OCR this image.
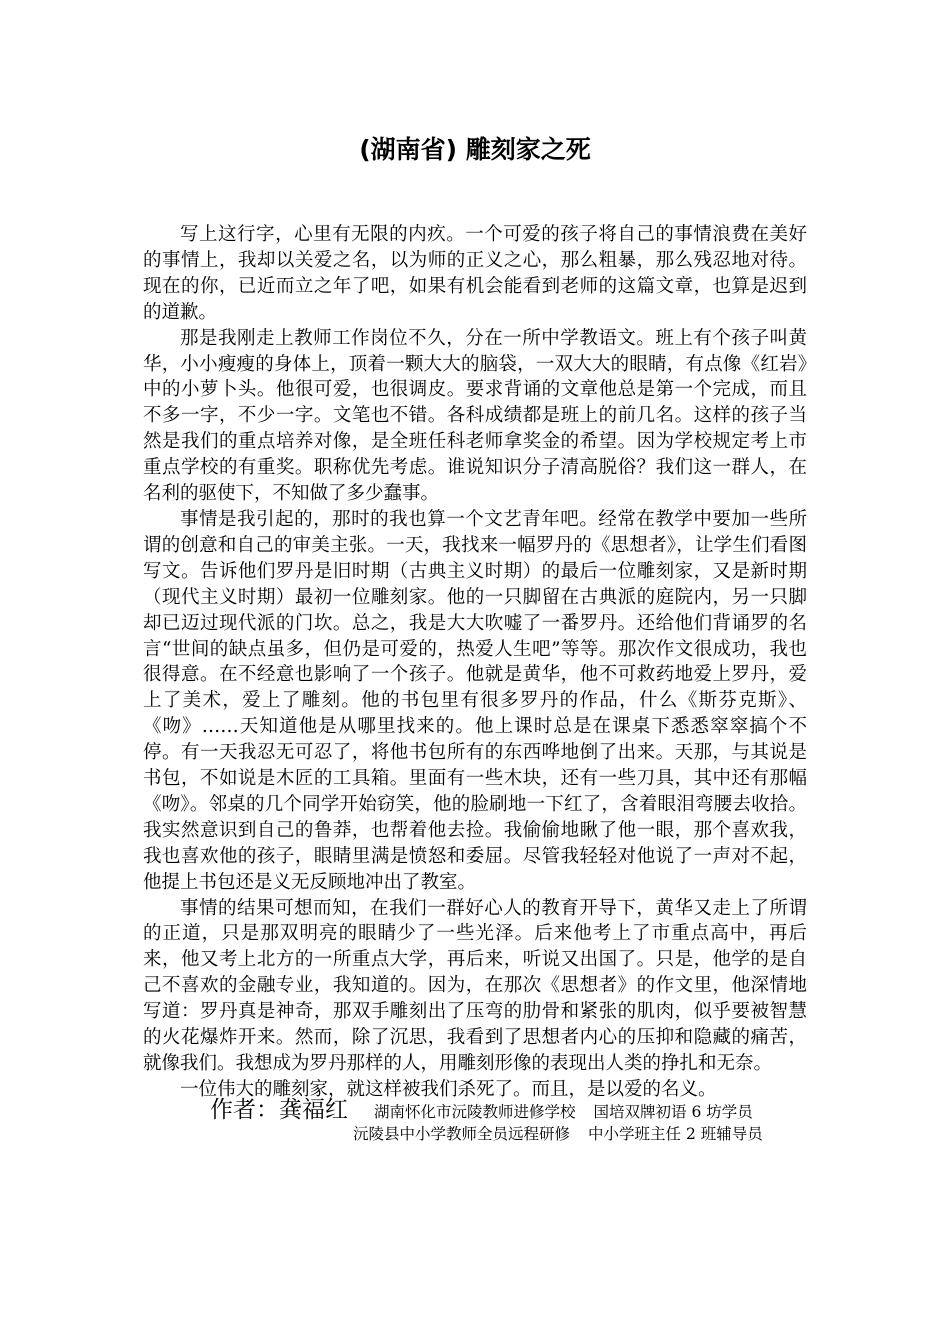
(湖南省) 雕刻家之死

写上这行字，心里有无限的内疚。一个可爱的孩子将自己的事情浪费在美好的事情上，我却以关爱之名，以为师的正义之心，那么粗暴，那么残忍地对待。现在的你，已近而立之年了吧，如果有机会能看到老师的这篇文章，也算是迟到的道歉。

那是我刚走上教师工作岗位不久，分在一所中学教语文。班上有个孩子叫黄华，小小瘦瘦的身体上，顶着一颗大大的脑袋，一双大大的眼睛，有点像《红岩》中的小萝卜头。他很可爱，也很调皮。要求背诵的文章他总是第一个完成，而且不多一字，不少一字。文笔也不错。各科成绩都是班上的前几名。这样的孩子当然是我们的重点培养对像，是全班任科老师拿奖金的希望。因为学校规定考上市重点学校的有重奖。职称优先考虑。谁说知识分子清高脱俗？我们这一群人，在名利的驱使下，不知做了多少蠢事。

事情是我引起的，那时的我也算一个文艺青年吧。经常在教学中要加一些所谓的创意和自己的审美主张。一天，我找来一幅罗丹的《思想者》，让学生们看图写文。告诉他们罗丹是旧时期（古典主义时期）的最后一位雕刻家，又是新时期（现代主义时期）最初一位雕刻家。他的一只脚留在古典派的庭院内，另一只脚却已迈过现代派的门坎。总之，我是大大吹嘘了一番罗丹。还给他们背诵罗的名言“世间的缺点虽多，但仍是可爱的，热爱人生吧”等等。那次作文很成功，我也很得意。在不经意也影响了一个孩子。他就是黄华，他不可救药地爱上罗丹，爱上了美术，爱上了雕刻。他的书包里有很多罗丹的作品，什么《斯芬克斯》、《吻》……天知道他是从哪里找来的。他上课时总是在课桌下悉悉窣窣搞个不停。有一天我忍无可忍了，将他书包所有的东西哗地倒了出来。天那，与其说是书包，不如说是木匠的工具箱。里面有一些木块，还有一些刀具，其中还有那幅《吻》。邻桌的几个同学开始窃笑，他的脸刷地一下红了，含着眼泪弯腰去收拾。我实然意识到自己的鲁莽，也帮着他去捡。我偷偷地瞅了他一眼，那个喜欢我，我也喜欢他的孩子，眼睛里满是愤怒和委屈。尽管我轻轻对他说了一声对不起，他提上书包还是义无反顾地冲出了教室。

事情的结果可想而知，在我们一群好心人的教育开导下，黄华又走上了所谓的正道，只是那双明亮的眼睛少了一些光泽。后来他考上了市重点高中，再后来，他又考上北方的一所重点大学，再后来，听说又出国了。只是，他学的是自己不喜欢的金融专业，我知道的。因为，在那次《思想者》的作文里，他深情地写道：罗丹真是神奇，那双手雕刻出了压弯的肋骨和紧张的肌肉，似乎要被智慧的火花爆炸开来。然而，除了沉思，我看到了思想者内心的压抑和隐藏的痛苦，就像我们。我想成为罗丹那样的人，用雕刻形像的表现出人类的挣扎和无奈。

一位伟大的雕刻家，就这样被我们杀死了。而且，是以爱的名义。

作者：龚福红 湖南怀化市沅陵教师进修学校 国培双牌初语 6 坊学员
沅陵县中小学教师全员远程研修 中小学班主任 2 班辅导员
